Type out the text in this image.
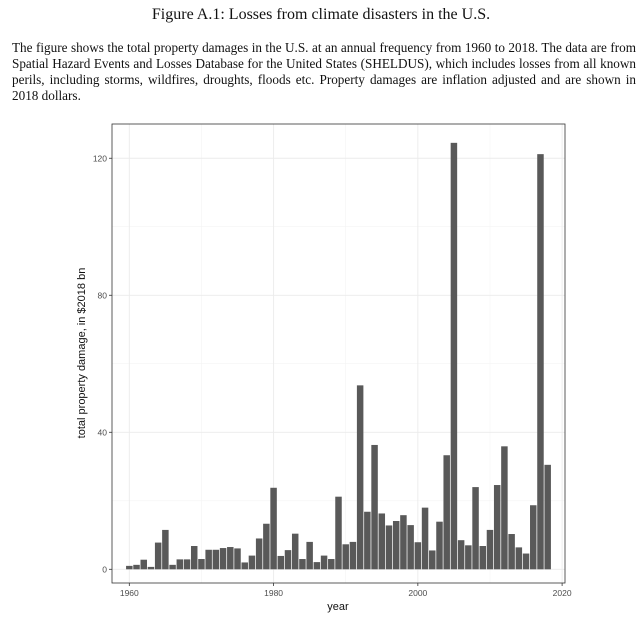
Figure A.1: Losses from climate disasters in the U.S.
The figure shows the total property damages in the U.S. at an annual frequency from 1960 to 2018. The data are from Spatial Hazard Events and Losses Database for the United States (SHELDUS), which includes losses from all known perils, including storms, wildfires, droughts, floods etc. Property damages are inflation adjusted and are shown in 2018 dollars.
1960	1980	2000	2020
0
40
80
120
year
total property damage, in $2018 bn
